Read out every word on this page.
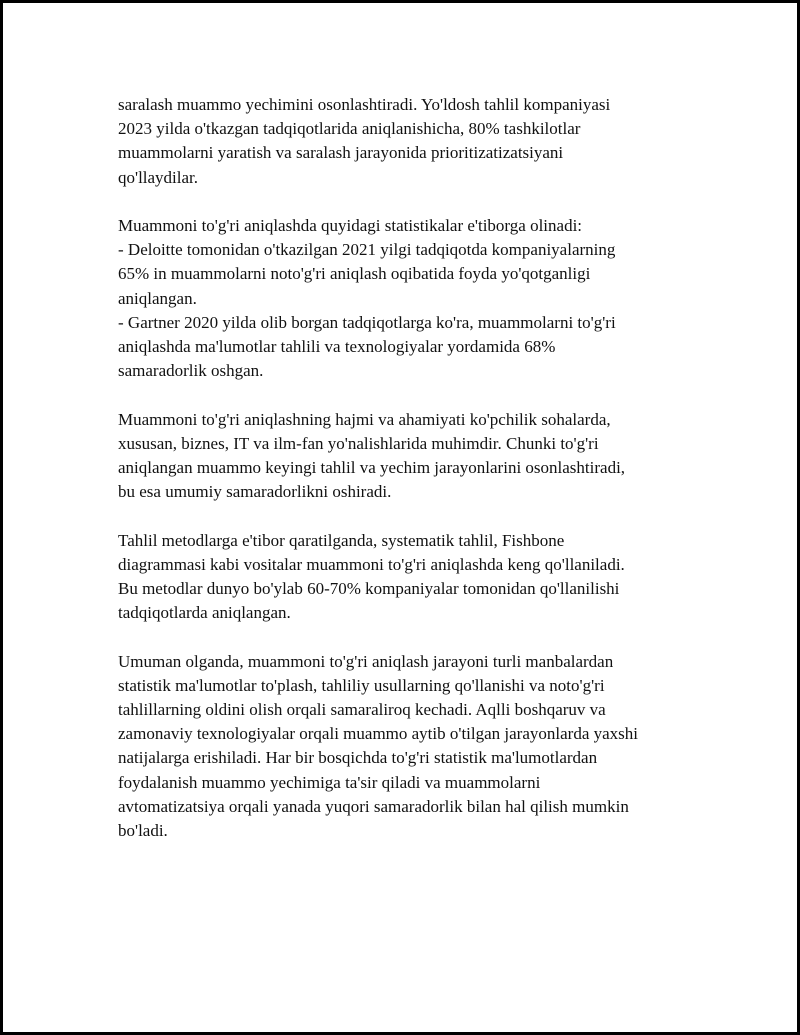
saralash muammo yechimini osonlashtiradi. Yo'ldosh tahlil kompaniyasi
2023 yilda o'tkazgan tadqiqotlarida aniqlanishicha, 80% tashkilotlar
muammolarni yaratish va saralash jarayonida prioritizatizatsiyani
qo'llaydilar.
Muammoni to'g'ri aniqlashda quyidagi statistikalar e'tiborga olinadi:
- Deloitte tomonidan o'tkazilgan 2021 yilgi tadqiqotda kompaniyalarning
65% in muammolarni noto'g'ri aniqlash oqibatida foyda yo'qotganligi
aniqlangan.
- Gartner 2020 yilda olib borgan tadqiqotlarga ko'ra, muammolarni to'g'ri
aniqlashda ma'lumotlar tahlili va texnologiyalar yordamida 68%
samaradorlik oshgan.
Muammoni to'g'ri aniqlashning hajmi va ahamiyati ko'pchilik sohalarda,
xususan, biznes, IT va ilm-fan yo'nalishlarida muhimdir. Chunki to'g'ri
aniqlangan muammo keyingi tahlil va yechim jarayonlarini osonlashtiradi,
bu esa umumiy samaradorlikni oshiradi.
Tahlil metodlarga e'tibor qaratilganda, systematik tahlil, Fishbone
diagrammasi kabi vositalar muammoni to'g'ri aniqlashda keng qo'llaniladi.
Bu metodlar dunyo bo'ylab 60-70% kompaniyalar tomonidan qo'llanilishi
tadqiqotlarda aniqlangan.
Umuman olganda, muammoni to'g'ri aniqlash jarayoni turli manbalardan
statistik ma'lumotlar to'plash, tahliliy usullarning qo'llanishi va noto'g'ri
tahlillarning oldini olish orqali samaraliroq kechadi. Aqlli boshqaruv va
zamonaviy texnologiyalar orqali muammo aytib o'tilgan jarayonlarda yaxshi
natijalarga erishiladi. Har bir bosqichda to'g'ri statistik ma'lumotlardan
foydalanish muammo yechimiga ta'sir qiladi va muammolarni
avtomatizatsiya orqali yanada yuqori samaradorlik bilan hal qilish mumkin
bo'ladi.
